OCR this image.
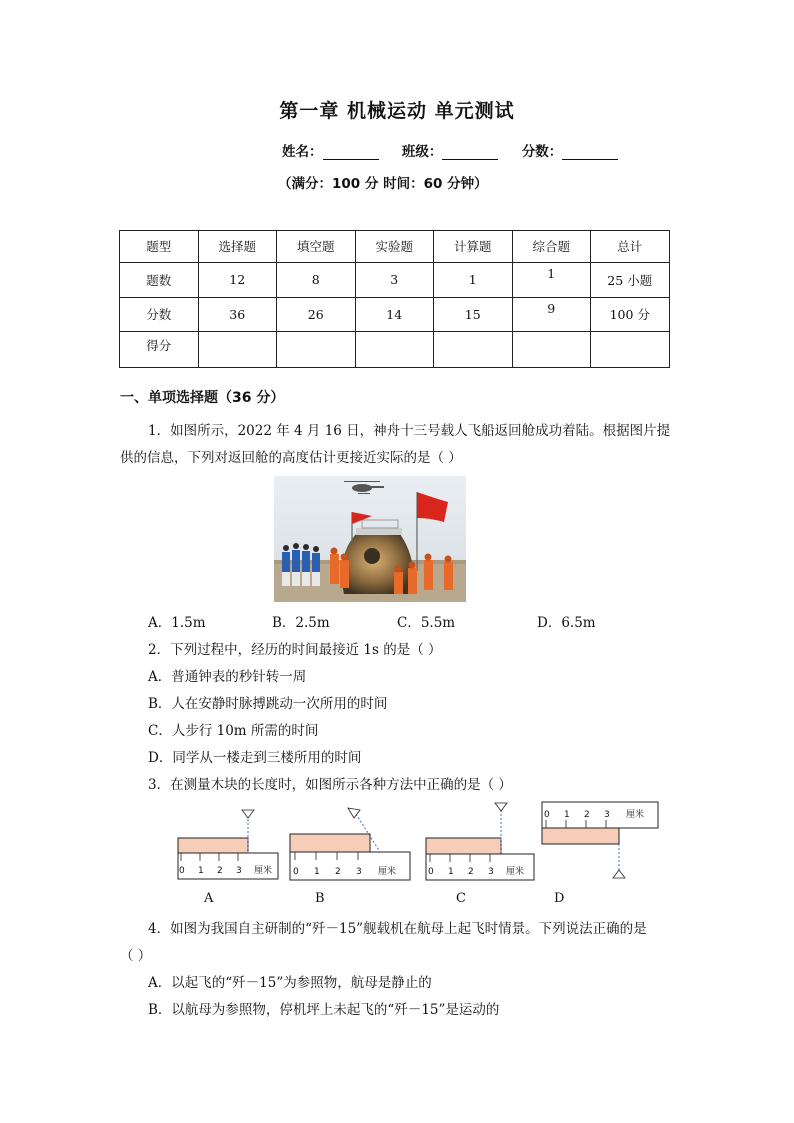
第一章 机械运动 单元测试
姓名：	班级：	分数：
（满分：100 分 时间：60 分钟）
题型	选择题	填空题	实验题	计算题	综合题	总计
题数	12	8	3	1	1	25 小题
分数	36	26	14	15	9	100 分
得分						
一、单项选择题（36 分）
1．如图所示，2022 年 4 月 16 日，神舟十三号载人飞船返回舱成功着陆。根据图片提
供的信息，下列对返回舱的高度估计更接近实际的是（ ）
A．1.5m	B．2.5m	C．5.5m	D．6.5m
2．下列过程中，经历的时间最接近 1s 的是（ ）
A．普通钟表的秒针转一周
B．人在安静时脉搏跳动一次所用的时间
C．人步行 10m 所需的时间
D．同学从一楼走到三楼所用的时间
3．在测量木块的长度时，如图所示各种方法中正确的是（ ）
0 1 2 3 厘米 0 1 2 3 厘米	0 1 2 3 厘米
0 1 2 3 厘米
A	B	C	D
4．如图为我国自主研制的“歼－15”舰载机在航母上起飞时情景。下列说法正确的是
（ ）
A．以起飞的“歼－15”为参照物，航母是静止的
B．以航母为参照物，停机坪上未起飞的“歼－15”是运动的
